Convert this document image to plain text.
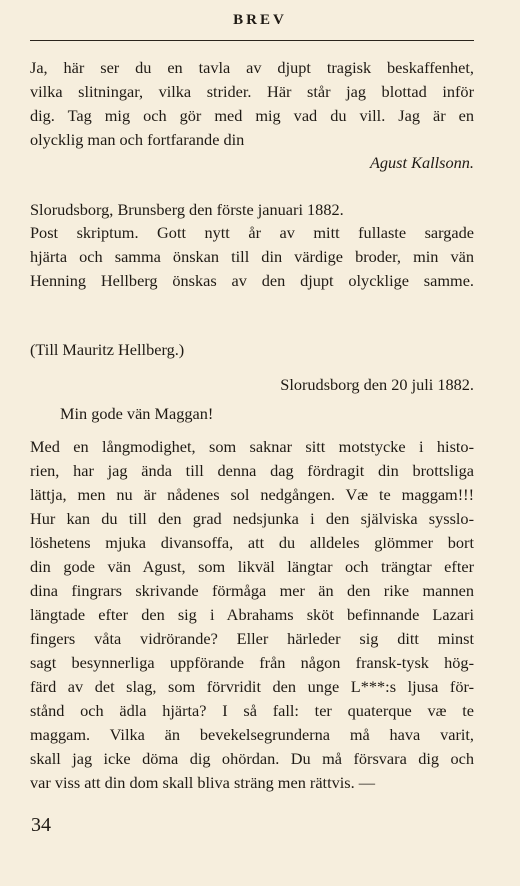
BREV
Ja, här ser du en tavla av djupt tragisk beskaffenhet,
vilka slitningar, vilka strider. Här står jag blottad inför
dig. Tag mig och gör med mig vad du vill. Jag är en
olycklig man och fortfarande din
Agust Kallsonn.
Slorudsborg, Brunsberg den förste januari 1882.
Post skriptum. Gott nytt år av mitt fullaste sargade
hjärta och samma önskan till din värdige broder, min vän
Henning Hellberg önskas av den djupt olycklige samme.
(Till Mauritz Hellberg.)
Slorudsborg den 20 juli 1882.
Min gode vän Maggan!
Med en långmodighet, som saknar sitt motstycke i histo-
rien, har jag ända till denna dag fördragit din brottsliga
lättja, men nu är nådenes sol nedgången. Væ te maggam!!!
Hur kan du till den grad nedsjunka i den själviska sysslo-
löshetens mjuka divansoffa, att du alldeles glömmer bort
din gode vän Agust, som likväl längtar och trängtar efter
dina fingrars skrivande förmåga mer än den rike mannen
längtade efter den sig i Abrahams sköt befinnande Lazari
fingers våta vidrörande? Eller härleder sig ditt minst
sagt besynnerliga uppförande från någon fransk-tysk hög-
färd av det slag, som förvridit den unge L***:s ljusa för-
stånd och ädla hjärta? I så fall: ter quaterque væ te
maggam. Vilka än bevekelsegrunderna må hava varit,
skall jag icke döma dig ohördan. Du må försvara dig och
var viss att din dom skall bliva sträng men rättvis. —
34
